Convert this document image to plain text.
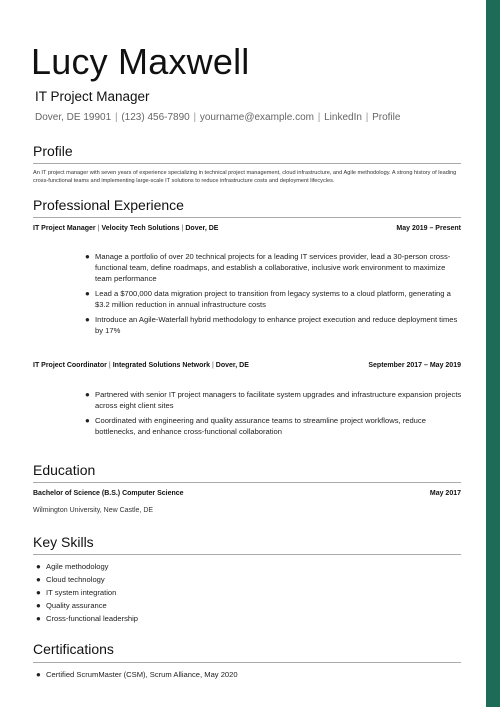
Lucy Maxwell
IT Project Manager
Dover, DE 19901 | (123) 456-7890 | yourname@example.com | LinkedIn | Profile
Profile
An IT project manager with seven years of experience specializing in technical project management, cloud infrastructure, and Agile methodology. A strong history of leading cross-functional teams and implementing large-scale IT solutions to reduce infrastructure costs and deployment lifecycles.
Professional Experience
IT Project Manager | Velocity Tech Solutions | Dover, DE	May 2019 – Present
● Manage a portfolio of over 20 technical projects for a leading IT services provider, lead a 30-person cross-functional team, define roadmaps, and establish a collaborative, inclusive work environment to maximize team performance
● Lead a $700,000 data migration project to transition from legacy systems to a cloud platform, generating a $3.2 million reduction in annual infrastructure costs
● Introduce an Agile-Waterfall hybrid methodology to enhance project execution and reduce deployment times by 17%
IT Project Coordinator | Integrated Solutions Network | Dover, DE	September 2017 – May 2019
● Partnered with senior IT project managers to facilitate system upgrades and infrastructure expansion projects across eight client sites
● Coordinated with engineering and quality assurance teams to streamline project workflows, reduce bottlenecks, and enhance cross-functional collaboration
Education
Bachelor of Science (B.S.) Computer Science	May 2017
Wilmington University, New Castle, DE
Key Skills
● Agile methodology
● Cloud technology
● IT system integration
● Quality assurance
● Cross-functional leadership
Certifications
● Certified ScrumMaster (CSM), Scrum Alliance, May 2020
